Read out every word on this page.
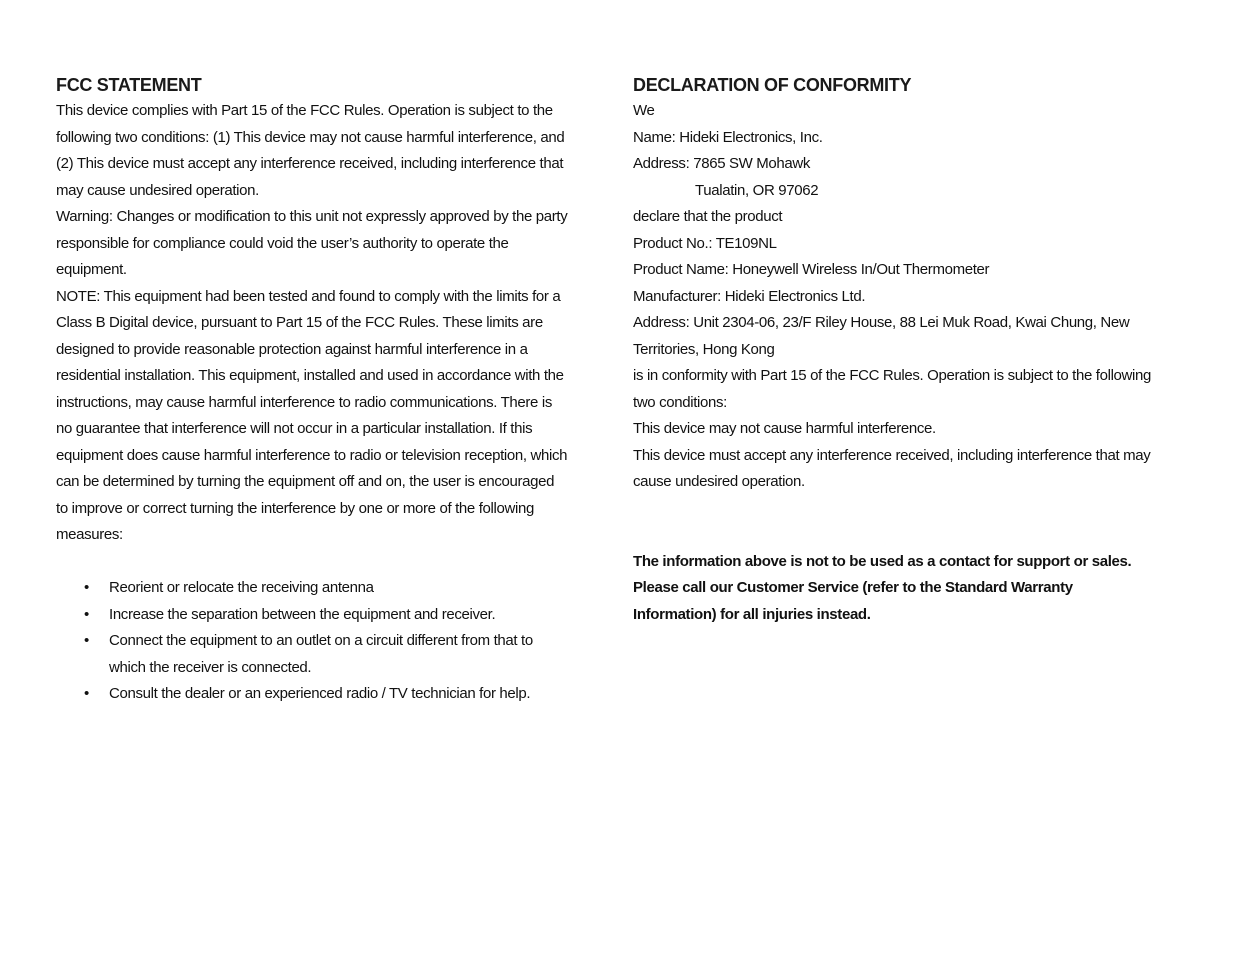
FCC STATEMENT

This device complies with Part 15 of the FCC Rules. Operation is subject to the following two conditions: (1) This device may not cause harmful interference, and (2) This device must accept any interference received, including interference that may cause undesired operation.

Warning: Changes or modification to this unit not expressly approved by the party responsible for compliance could void the user’s authority to operate the equipment.

NOTE: This equipment had been tested and found to comply with the limits for a Class B Digital device, pursuant to Part 15 of the FCC Rules. These limits are designed to provide reasonable protection against harmful interference in a residential installation. This equipment, installed and used in accordance with the instructions, may cause harmful interference to radio communications. There is no guarantee that interference will not occur in a particular installation. If this equipment does cause harmful interference to radio or television reception, which can be determined by turning the equipment off and on, the user is encouraged to improve or correct turning the interference by one or more of the following measures:

• Reorient or relocate the receiving antenna
• Increase the separation between the equipment and receiver.
• Connect the equipment to an outlet on a circuit different from that to which the receiver is connected.
• Consult the dealer or an experienced radio / TV technician for help.
DECLARATION OF CONFORMITY

We

Name: Hideki Electronics, Inc.

Address: 7865 SW Mohawk

Tualatin, OR 97062

declare that the product

Product No.: TE109NL

Product Name: Honeywell Wireless In/Out Thermometer

Manufacturer: Hideki Electronics Ltd.

Address: Unit 2304-06, 23/F Riley House, 88 Lei Muk Road, Kwai Chung, New Territories, Hong Kong

is in conformity with Part 15 of the FCC Rules. Operation is subject to the following two conditions:

This device may not cause harmful interference.

This device must accept any interference received, including interference that may cause undesired operation.

The information above is not to be used as a contact for support or sales. Please call our Customer Service (refer to the Standard Warranty Information) for all injuries instead.
